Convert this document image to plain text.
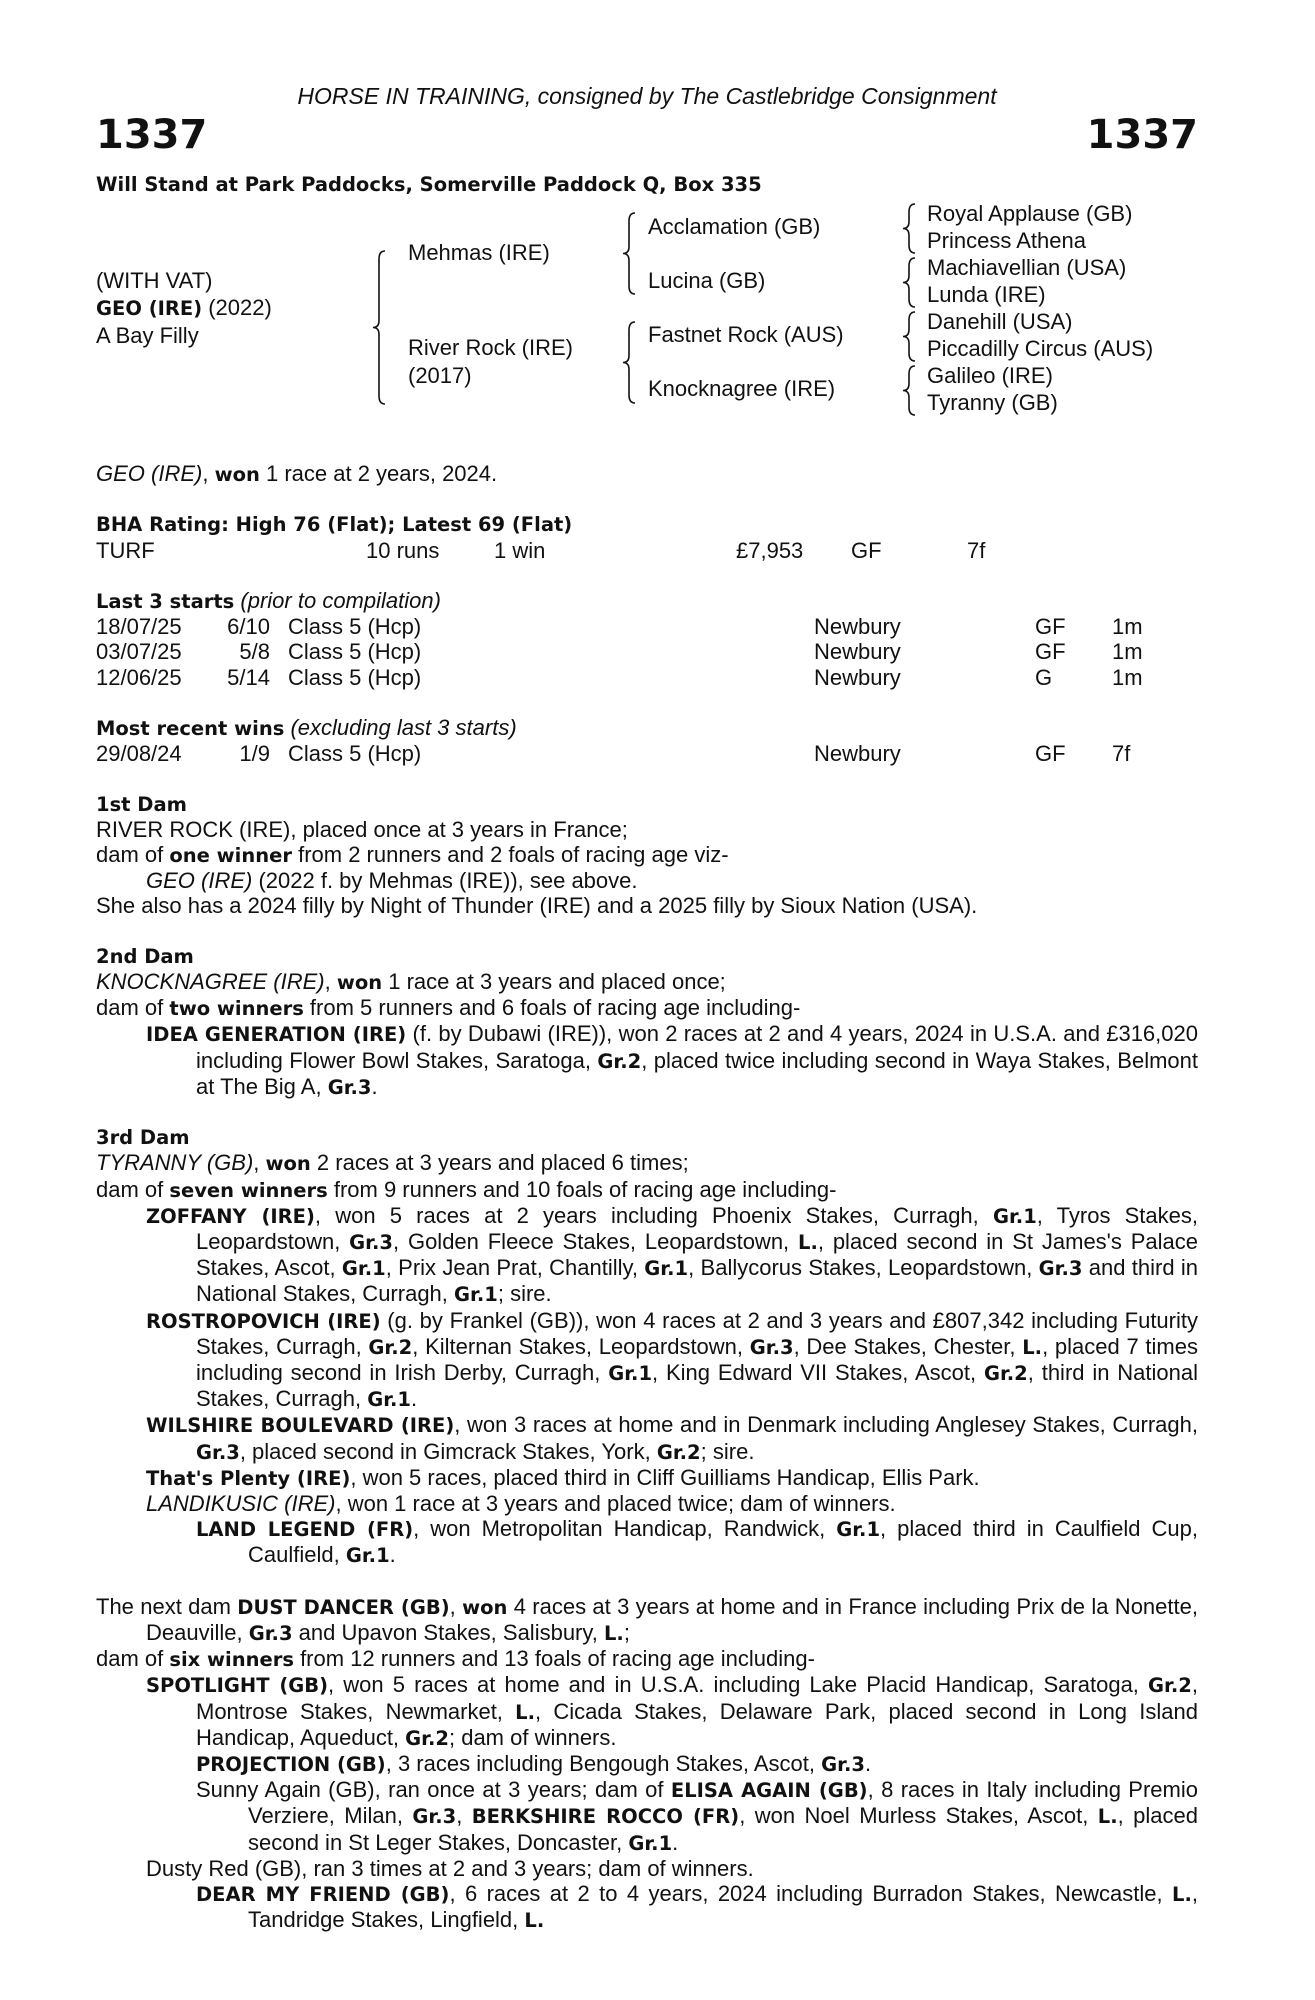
HORSE IN TRAINING, consigned by The Castlebridge Consignment
1337	1337
Will Stand at Park Paddocks, Somerville Paddock Q, Box 335
(WITH VAT)
GEO (IRE) (2022)
A Bay Filly
Mehmas (IRE)
River Rock (IRE)
(2017)
Acclamation (GB)
Lucina (GB)
Fastnet Rock (AUS)
Knocknagree (IRE)
Royal Applause (GB)
Princess Athena
Machiavellian (USA)
Lunda (IRE)
Danehill (USA)
Piccadilly Circus (AUS)
Galileo (IRE)
Tyranny (GB)
GEO (IRE), won 1 race at 2 years, 2024.
BHA Rating: High 76 (Flat); Latest 69 (Flat)
TURF	10 runs 1 win	£7,953 GF	7f
Last 3 starts (prior to compilation)
18/07/25 6/10 Class 5 (Hcp)	Newbury	GF 1m
03/07/25	5/8 Class 5 (Hcp)	Newbury	GF 1m
12/06/25 5/14 Class 5 (Hcp)	Newbury	G	1m
Most recent wins (excluding last 3 starts)
29/08/24	1/9 Class 5 (Hcp)	Newbury	GF 7f
1st Dam
RIVER ROCK (IRE), placed once at 3 years in France;
dam of one winner from 2 runners and 2 foals of racing age viz-
GEO (IRE) (2022 f. by Mehmas (IRE)), see above.
She also has a 2024 filly by Night of Thunder (IRE) and a 2025 filly by Sioux Nation (USA).
2nd Dam
KNOCKNAGREE (IRE), won 1 race at 3 years and placed once;
dam of two winners from 5 runners and 6 foals of racing age including-
IDEA GENERATION (IRE) (f. by Dubawi (IRE)), won 2 races at 2 and 4 years, 2024 in U.S.A. and £316,020 including Flower Bowl Stakes, Saratoga, Gr.2, placed twice including second in Waya Stakes, Belmont at The Big A, Gr.3.
3rd Dam
TYRANNY (GB), won 2 races at 3 years and placed 6 times;
dam of seven winners from 9 runners and 10 foals of racing age including-
ZOFFANY (IRE), won 5 races at 2 years including Phoenix Stakes, Curragh, Gr.1, Tyros Stakes, Leopardstown, Gr.3, Golden Fleece Stakes, Leopardstown, L., placed second in St James's Palace Stakes, Ascot, Gr.1, Prix Jean Prat, Chantilly, Gr.1, Ballycorus Stakes, Leopardstown, Gr.3 and third in National Stakes, Curragh, Gr.1; sire.
ROSTROPOVICH (IRE) (g. by Frankel (GB)), won 4 races at 2 and 3 years and £807,342 including Futurity Stakes, Curragh, Gr.2, Kilternan Stakes, Leopardstown, Gr.3, Dee Stakes, Chester, L., placed 7 times including second in Irish Derby, Curragh, Gr.1, King Edward VII Stakes, Ascot, Gr.2, third in National Stakes, Curragh, Gr.1.
WILSHIRE BOULEVARD (IRE), won 3 races at home and in Denmark including Anglesey Stakes, Curragh, Gr.3, placed second in Gimcrack Stakes, York, Gr.2; sire.
That's Plenty (IRE), won 5 races, placed third in Cliff Guilliams Handicap, Ellis Park.
LANDIKUSIC (IRE), won 1 race at 3 years and placed twice; dam of winners.
LAND LEGEND (FR), won Metropolitan Handicap, Randwick, Gr.1, placed third in Caulfield Cup, Caulfield, Gr.1.
The next dam DUST DANCER (GB), won 4 races at 3 years at home and in France including Prix de la Nonette, Deauville, Gr.3 and Upavon Stakes, Salisbury, L.;
dam of six winners from 12 runners and 13 foals of racing age including-
SPOTLIGHT (GB), won 5 races at home and in U.S.A. including Lake Placid Handicap, Saratoga, Gr.2, Montrose Stakes, Newmarket, L., Cicada Stakes, Delaware Park, placed second in Long Island Handicap, Aqueduct, Gr.2; dam of winners.
PROJECTION (GB), 3 races including Bengough Stakes, Ascot, Gr.3.
Sunny Again (GB), ran once at 3 years; dam of ELISA AGAIN (GB), 8 races in Italy including Premio Verziere, Milan, Gr.3, BERKSHIRE ROCCO (FR), won Noel Murless Stakes, Ascot, L., placed second in St Leger Stakes, Doncaster, Gr.1.
Dusty Red (GB), ran 3 times at 2 and 3 years; dam of winners.
DEAR MY FRIEND (GB), 6 races at 2 to 4 years, 2024 including Burradon Stakes, Newcastle, L., Tandridge Stakes, Lingfield, L.
